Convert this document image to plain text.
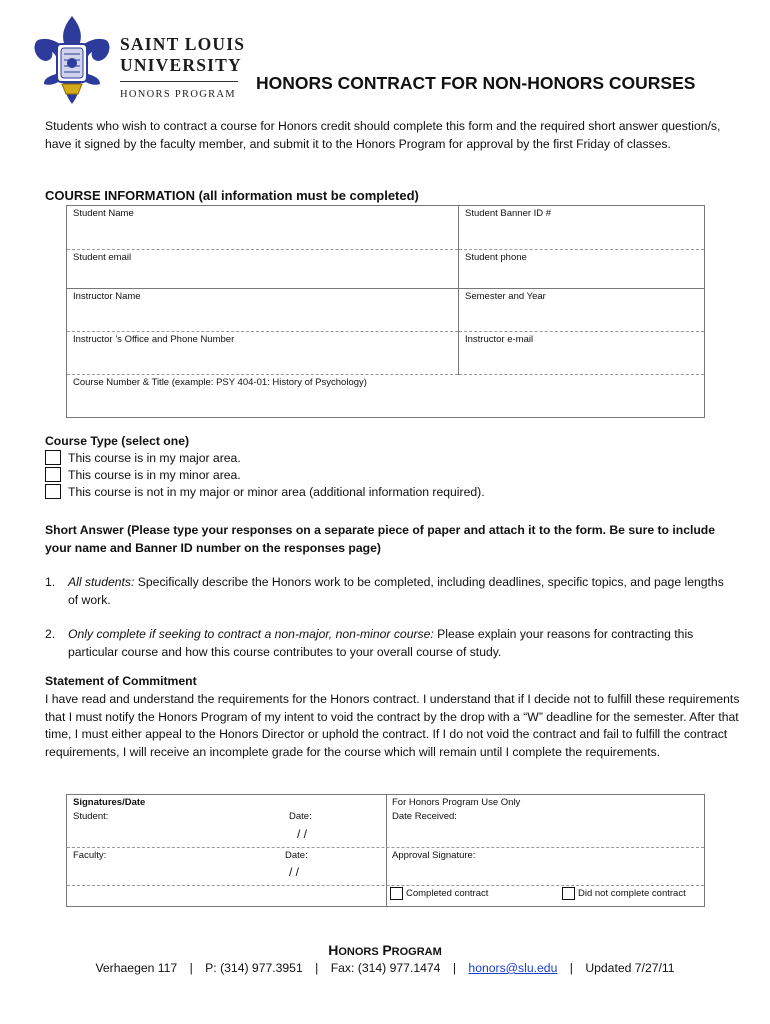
SAINT LOUIS
UNIVERSITY
HONORS PROGRAM
HONORS CONTRACT FOR NON-HONORS COURSES
Students who wish to contract a course for Honors credit should complete this form and the required short answer question/s, have it signed by the faculty member, and submit it to the Honors Program for approval by the first Friday of classes.
COURSE INFORMATION (all information must be completed)
Student Name	Student Banner ID #
Student email	Student phone
Instructor Name	Semester and Year
Instructor ’s Office and Phone Number	Instructor e-mail
Course Number & Title (example: PSY 404-01: History of Psychology)	
Course Type (select one)
This course is in my major area.
This course is in my minor area.
This course is not in my major or minor area (additional information required).
Short Answer (Please type your responses on a separate piece of paper and attach it to the form. Be sure to include your name and Banner ID number on the responses page)
1. All students: Specifically describe the Honors work to be completed, including deadlines, specific topics, and page lengths of work.
2. Only complete if seeking to contract a non-major, non-minor course: Please explain your reasons for contracting this particular course and how this course contributes to your overall course of study.
Statement of Commitment
I have read and understand the requirements for the Honors contract. I understand that if I decide not to fulfill these requirements that I must notify the Honors Program of my intent to void the contract by the drop with a “W” deadline for the semester. After that time, I must either appeal to the Honors Director or uphold the contract. If I do not void the contract and fail to fulfill the contract requirements, I will receive an incomplete grade for the course which will remain until I complete the requirements.
Signatures/Date
Student:	Date:
/ /
Faculty:	Date:
/ /
For Honors Program Use Only
Date Received:
Approval Signature:
Completed contract	Did not complete contract
HONORS PROGRAM
Verhaegen 117 | P: (314) 977.3951 | Fax: (314) 977.1474 | honors@slu.edu | Updated 7/27/11
